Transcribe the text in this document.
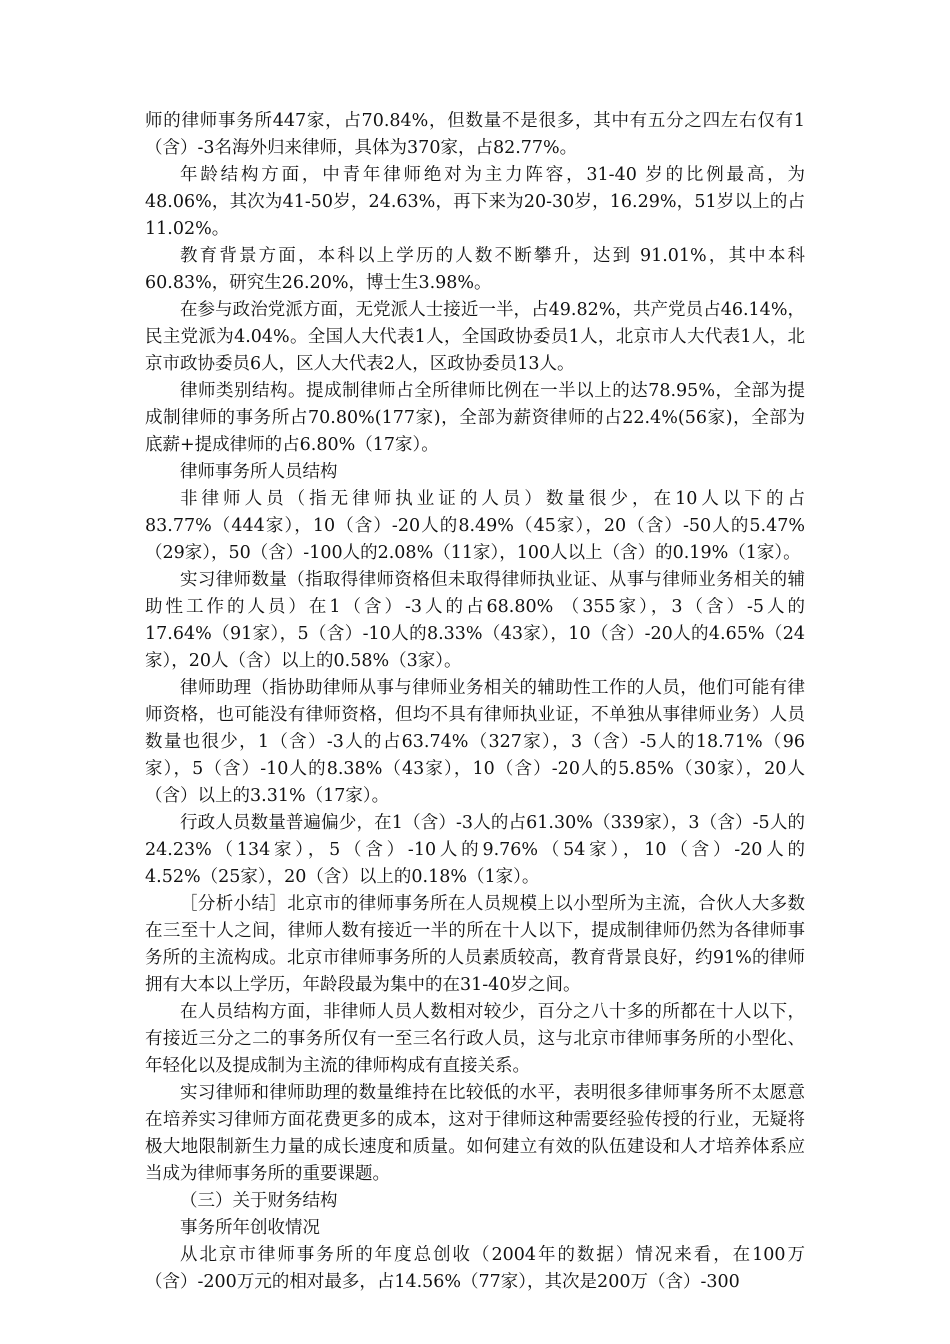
师的律师事务所447家，占70.84%，但数量不是很多，其中有五分之四左右仅有1（含）-3名海外归来律师，具体为370家，占82.77%。

年龄结构方面，中青年律师绝对为主力阵容，31-40 岁的比例最高，为48.06%，其次为41-50岁，24.63%，再下来为20-30岁，16.29%，51岁以上的占11.02%。

教育背景方面，本科以上学历的人数不断攀升，达到 91.01%，其中本科60.83%，研究生26.20%，博士生3.98%。

在参与政治党派方面，无党派人士接近一半，占49.82%，共产党员占46.14%，民主党派为4.04%。全国人大代表1人，全国政协委员1人，北京市人大代表1人，北京市政协委员6人，区人大代表2人，区政协委员13人。

律师类别结构。提成制律师占全所律师比例在一半以上的达78.95%，全部为提成制律师的事务所占70.80%(177家)，全部为薪资律师的占22.4%(56家)，全部为底薪+提成律师的占6.80%（17家）。

律师事务所人员结构

非律师人员（指无律师执业证的人员）数量很少，在10人以下的占83.77%（444家），10（含）-20人的8.49%（45家），20（含）-50人的5.47% （29家），50（含）-100人的2.08%（11家），100人以上（含）的0.19%（1家）。

实习律师数量（指取得律师资格但未取得律师执业证、从事与律师业务相关的辅助性工作的人员）在1（含）-3人的占68.80% （355家），3（含）-5人的17.64%（91家），5（含）-10人的8.33%（43家），10（含）-20人的4.65%（24家），20人（含）以上的0.58%（3家）。

律师助理（指协助律师从事与律师业务相关的辅助性工作的人员，他们可能有律师资格，也可能没有律师资格，但均不具有律师执业证，不单独从事律师业务）人员数量也很少，1（含）-3人的占63.74%（327家），3（含）-5人的18.71%（96家），5（含）-10人的8.38%（43家），10（含）-20人的5.85%（30家），20人（含）以上的3.31%（17家）。

行政人员数量普遍偏少，在1（含）-3人的占61.30%（339家），3（含）-5人的24.23%（134家），5（含）-10人的9.76%（54家），10（含）-20人的4.52%（25家），20（含）以上的0.18%（1家）。

［分析小结］北京市的律师事务所在人员规模上以小型所为主流，合伙人大多数在三至十人之间，律师人数有接近一半的所在十人以下，提成制律师仍然为各律师事务所的主流构成。北京市律师事务所的人员素质较高，教育背景良好，约91%的律师拥有大本以上学历，年龄段最为集中的在31-40岁之间。

在人员结构方面，非律师人员人数相对较少，百分之八十多的所都在十人以下，有接近三分之二的事务所仅有一至三名行政人员，这与北京市律师事务所的小型化、年轻化以及提成制为主流的律师构成有直接关系。

实习律师和律师助理的数量维持在比较低的水平，表明很多律师事务所不太愿意在培养实习律师方面花费更多的成本，这对于律师这种需要经验传授的行业，无疑将极大地限制新生力量的成长速度和质量。如何建立有效的队伍建设和人才培养体系应当成为律师事务所的重要课题。

（三）关于财务结构

事务所年创收情况

从北京市律师事务所的年度总创收（2004年的数据）情况来看，在100万（含）-200万元的相对最多，占14.56%（77家），其次是200万（含）-300
